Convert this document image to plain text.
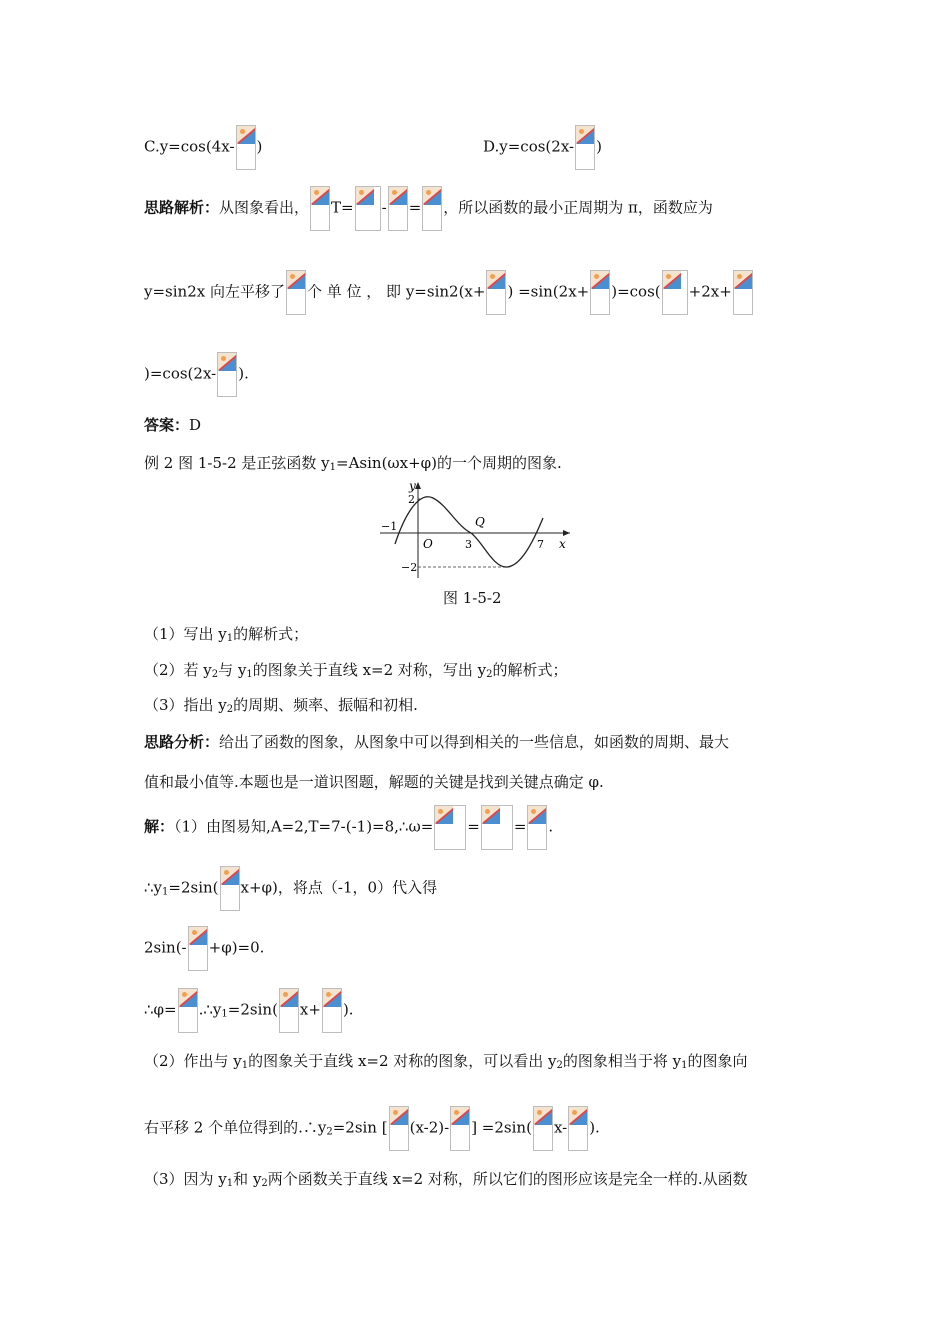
C.y=cos(4x- )	D.y=cos(2x- )
思路解析：从图象看出， T= - = ，所以函数的最小正周期为 π，函数应为
y=sin2x 向左平移了 个 单 位 ， 即 y=sin2(x+ ) =sin(2x+ )=cos( +2x+
)=cos(2x- ).
答案：D
例 2 图 1-5-2 是正弦函数 $y_1=Asin(\omega x+\varphi)$的一个周期的图象.
y
x
2
−2
−1
O	3	7
Q
图 1-5-2
（1）写出 $y_1$的解析式；
（2）若 $y_2$与 $y_1$的图象关于直线 x=2 对称，写出 $y_2$的解析式；
（3）指出 $y_2$的周期、频率、振幅和初相.
思路分析：给出了函数的图象，从图象中可以得到相关的一些信息，如函数的周期、最大
值和最小值等.本题也是一道识图题，解题的关键是找到关键点确定 φ.
解：（1）由图易知,A=2,T=7-(-1)=8,∴ω= = = .
$\therefore y_1=2\sin$( x+φ)，将点（-1，0）代入得
2sin(- +φ)=0.
∴φ= $.\therefore y_1=2\sin$( x+ ).
（2）作出与 $y_1$的图象关于直线 x=2 对称的图象，可以看出 $y_2$的图象相当于将 $y_1$的图象向
右平移 2 个单位得到的$.\therefore y_2=2\sin$ [ (x-2)- ] =2sin( x- ).
（3）因为 $y_1$和 $y_2$两个函数关于直线 x=2 对称，所以它们的图形应该是完全一样的.从函数
